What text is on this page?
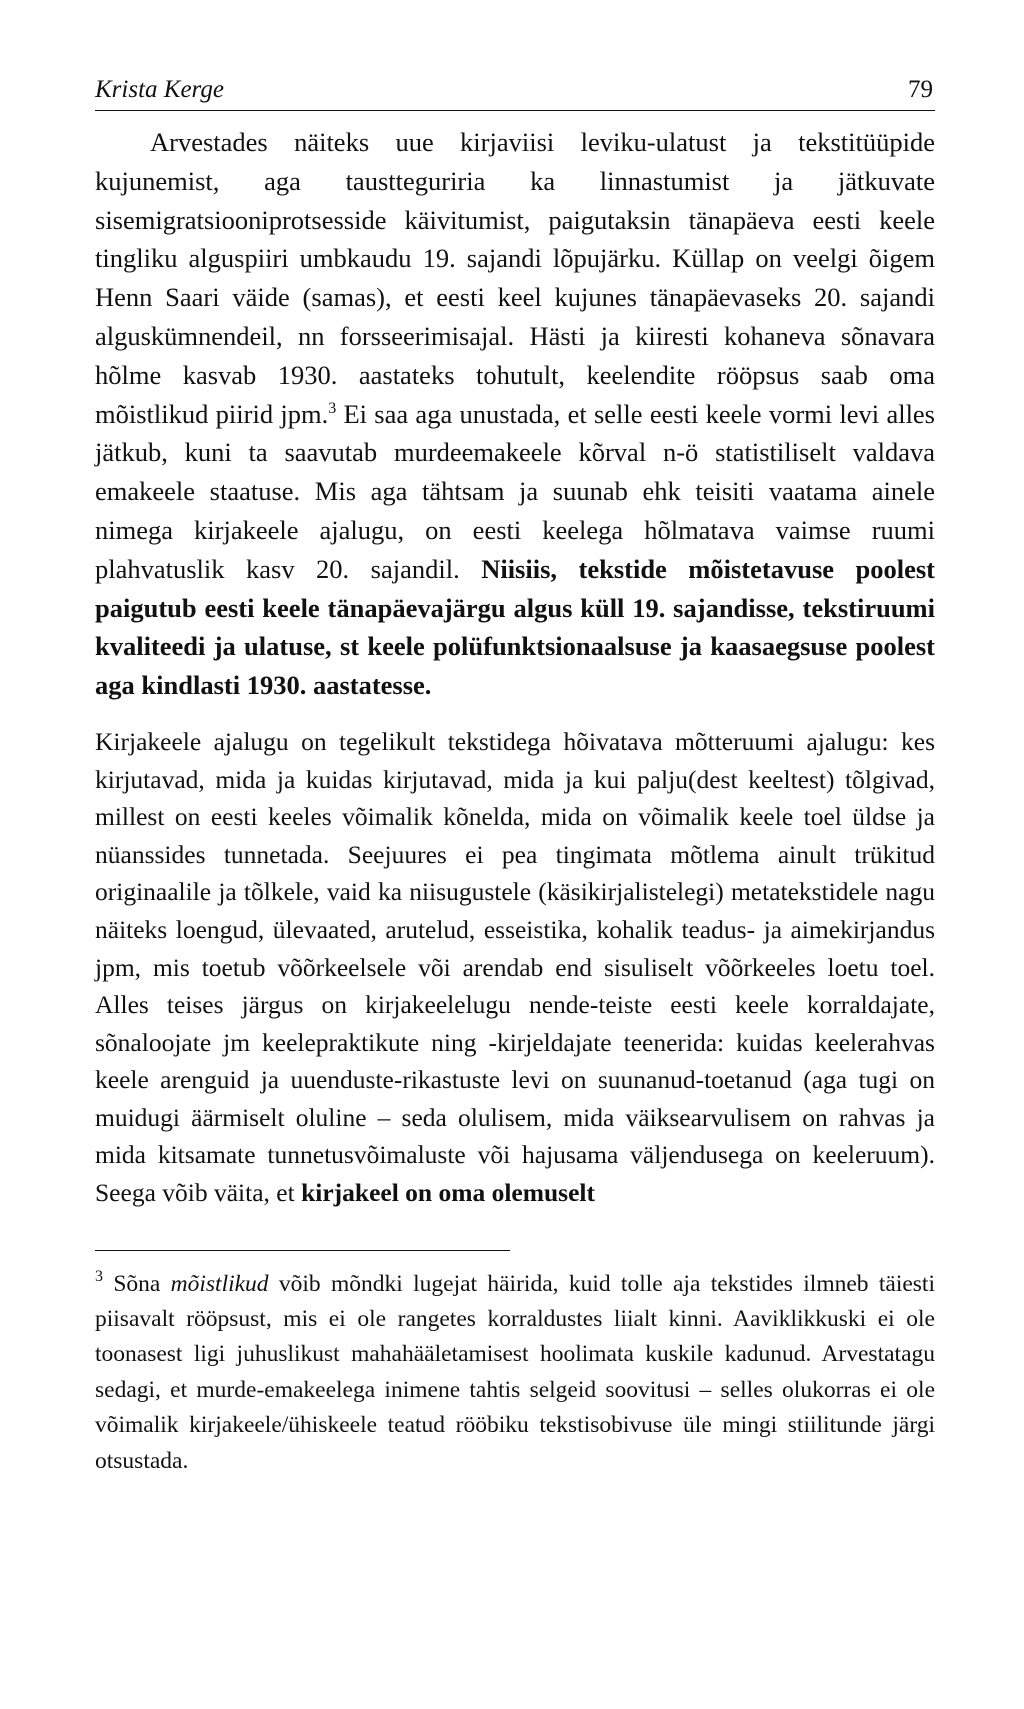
Krista Kerge	79

Arvestades näiteks uue kirjaviisi leviku-ulatust ja tekstitüüpide kujunemist, aga taustteguriria ka linnastumist ja jätkuvate sisemigratsiooniprotsesside käivitumist, paigutaksin tänapäeva eesti keele tingliku alguspiiri umbkaudu 19. sajandi lõpujärku. Küllap on veelgi õigem Henn Saari väide (samas), et eesti keel kujunes tänapäevaseks 20. sajandi alguskümnendeil, nn forsseerimisajal. Hästi ja kiiresti kohaneva sõnavara hõlme kasvab 1930. aastateks tohutult, keelendite rööpsus saab oma mõistlikud piirid jpm.$^3$ Ei saa aga unustada, et selle eesti keele vormi levi alles jätkub, kuni ta saavutab murdeemakeele kõrval n-ö statistiliselt valdava emakeele staatuse. Mis aga tähtsam ja suunab ehk teisiti vaatama ainele nimega kirjakeele ajalugu, on eesti keelega hõlmatava vaimse ruumi plahvatuslik kasv 20. sajandil. Niisiis, tekstide mõistetavuse poolest paigutub eesti keele tänapäevajärgu algus küll 19. sajandisse, tekstiruumi kvaliteedi ja ulatuse, st keele polüfunktsionaalsuse ja kaasaegsuse poolest aga kindlasti 1930. aastatesse.

Kirjakeele ajalugu on tegelikult tekstidega hõivatava mõtteruumi ajalugu: kes kirjutavad, mida ja kuidas kirjutavad, mida ja kui palju(dest keeltest) tõlgivad, millest on eesti keeles võimalik kõnelda, mida on võimalik keele toel üldse ja nüanssides tunnetada. Seejuures ei pea tingimata mõtlema ainult trükitud originaalile ja tõlkele, vaid ka niisugustele (käsikirjalistelegi) metatekstidele nagu näiteks loengud, ülevaated, arutelud, esseistika, kohalik teadus- ja aimekirjandus jpm, mis toetub võõrkeelsele või arendab end sisuliselt võõrkeeles loetu toel. Alles teises järgus on kirjakeelelugu nende-teiste eesti keele korraldajate, sõnaloojate jm keelepraktikute ning -kirjeldajate teenerida: kuidas keelerahvas keele arenguid ja uuenduste-rikastuste levi on suunanud-toetanud (aga tugi on muidugi äärmiselt oluline – seda olulisem, mida väiksearvulisem on rahvas ja mida kitsamate tunnetusvõimaluste või hajusama väljendusega on keeleruum). Seega võib väita, et kirjakeel on oma olemuselt

$^3$ Sõna mõistlikud võib mõndki lugejat häirida, kuid tolle aja tekstides ilmneb täiesti piisavalt rööpsust, mis ei ole rangetes korraldustes liialt kinni. Aaviklikkuski ei ole toonasest ligi juhuslikust mahahääletamisest hoolimata kuskile kadunud. Arvestatagu sedagi, et murde-emakeelega inimene tahtis selgeid soovitusi – selles olukorras ei ole võimalik kirjakeele/ühiskeele teatud rööbiku tekstisobivuse üle mingi stiilitunde järgi otsustada.
